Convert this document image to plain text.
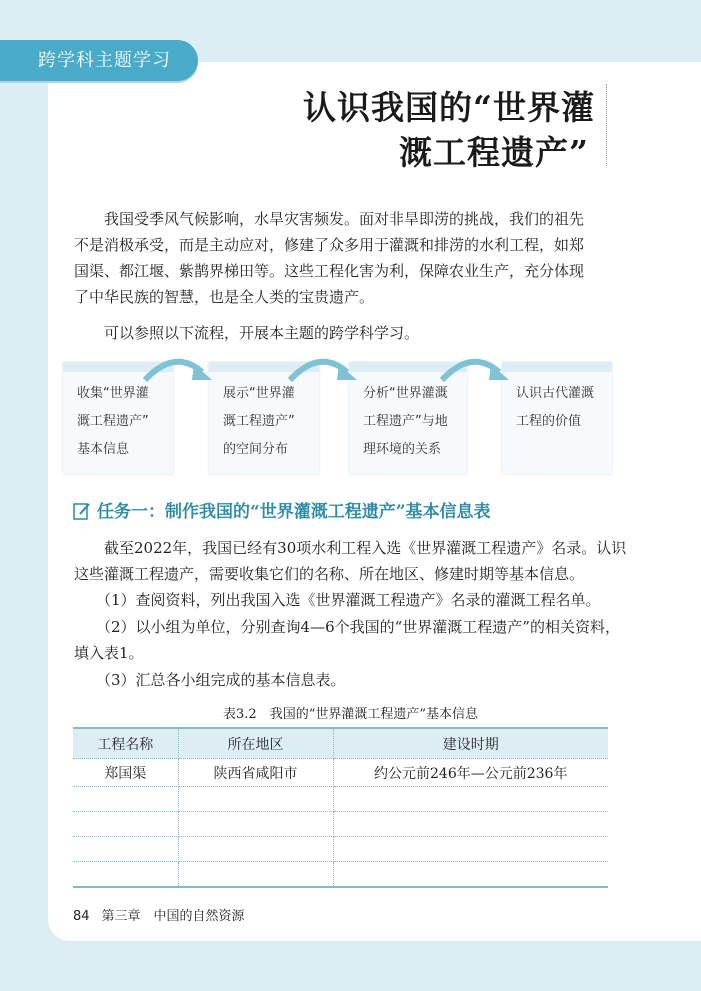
跨学科主题学习
认识我国的“世界灌
溉工程遗产”
我国受季风气候影响，水旱灾害频发。面对非旱即涝的挑战，我们的祖先
不是消极承受，而是主动应对，修建了众多用于灌溉和排涝的水利工程，如郑
国渠、都江堰、紫鹊界梯田等。这些工程化害为利，保障农业生产，充分体现
了中华民族的智慧，也是全人类的宝贵遗产。
可以参照以下流程，开展本主题的跨学科学习。
收集“世界灌
溉工程遗产”
基本信息
展示“世界灌
溉工程遗产”
的空间分布
分析“世界灌溉
工程遗产”与地
理环境的关系
认识古代灌溉
工程的价值
任务一：制作我国的“世界灌溉工程遗产”基本信息表
截至2022年，我国已经有30项水利工程入选《世界灌溉工程遗产》名录。认识
这些灌溉工程遗产，需要收集它们的名称、所在地区、修建时期等基本信息。
（1）查阅资料，列出我国入选《世界灌溉工程遗产》名录的灌溉工程名单。
（2）以小组为单位，分别查询4—6个我国的“世界灌溉工程遗产”的相关资料，
填入表1。
（3）汇总各小组完成的基本信息表。
表3.2　我国的“世界灌溉工程遗产”基本信息
工程名称	所在地区	建设时期
郑国渠	陕西省咸阳市	约公元前246年—公元前236年

84 第三章　中国的自然资源
